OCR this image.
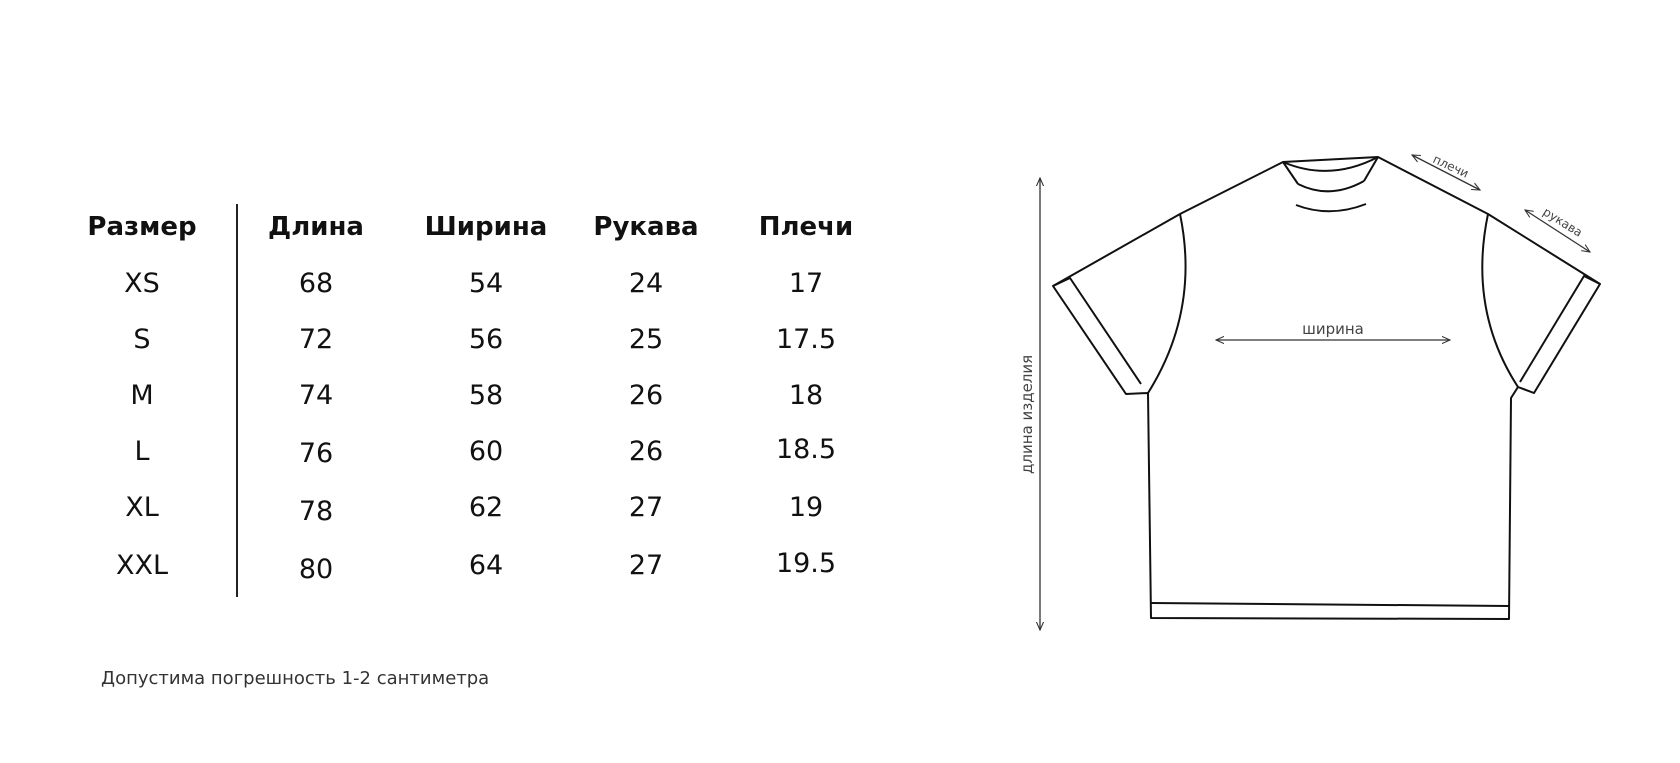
Размер	Длина	Ширина	Рукава	Плечи
XS	68	54	24	17
S	72	56	25	17.5
M	74	58	26	18
L	76	60	26	18.5
XL	78	62	27	19
XXL	80	64	27	19.5
Допустима погрешность 1-2 сантиметра
длина изделия
ширина
плечи
рукава
